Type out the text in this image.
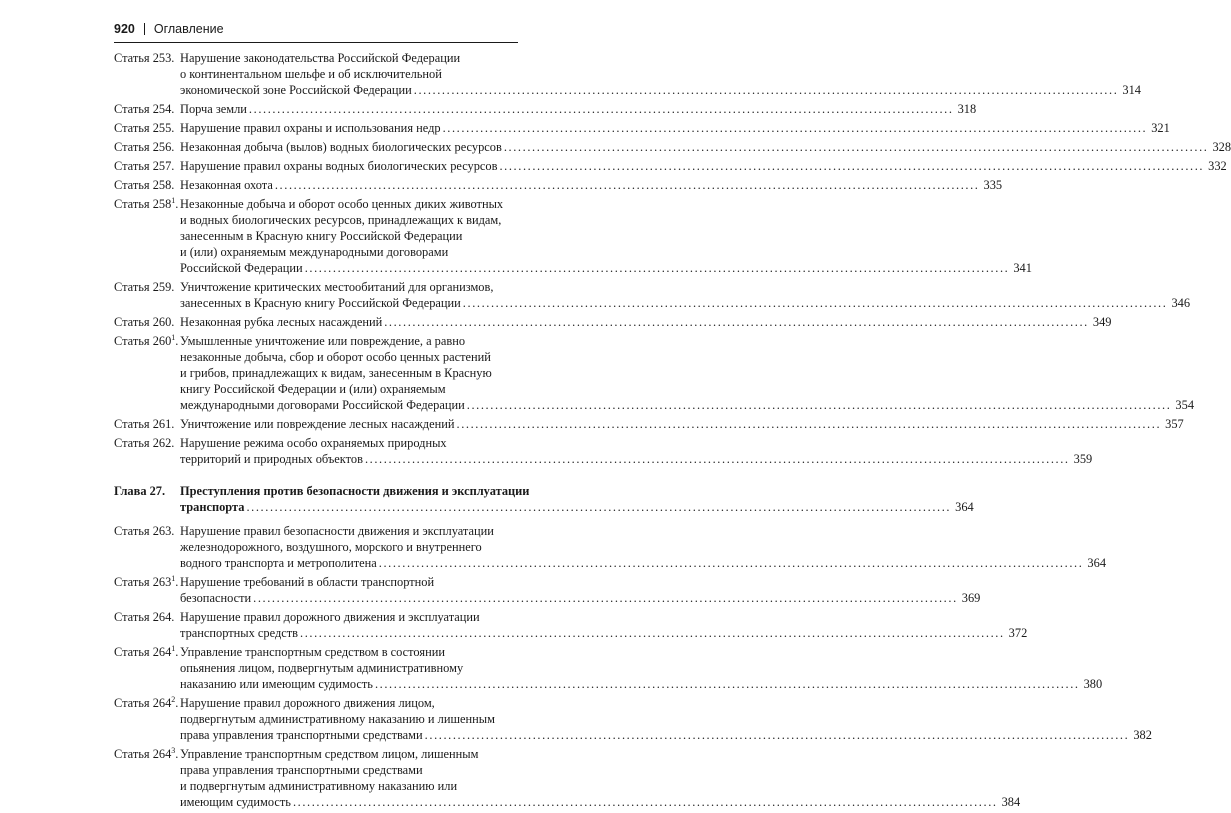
920 Оглавление
Статья 253. Нарушение законодательства Российской Федерации
о континентальном шельфе и об исключительной
экономической зоне Российской Федерации .....	314
Статья 254. Порча земли .....	318
Статья 255. Нарушение правил охраны и использования недр .....	321
Статья 256. Незаконная добыча (вылов) водных биологических ресурсов .....	328
Статья 257. Нарушение правил охраны водных биологических ресурсов .....	332
Статья 258. Незаконная охота .....	335
Статья $258^1$. Незаконные добыча и оборот особо ценных диких животных
и водных биологических ресурсов, принадлежащих к видам,
занесенным в Красную книгу Российской Федерации
и (или) охраняемым международными договорами
Российской Федерации .....	341
Статья 259. Уничтожение критических местообитаний для организмов,
занесенных в Красную книгу Российской Федерации .....	346
Статья 260. Незаконная рубка лесных насаждений .....	349
Статья $260^1$. Умышленные уничтожение или повреждение, а равно
незаконные добыча, сбор и оборот особо ценных растений
и грибов, принадлежащих к видам, занесенным в Красную
книгу Российской Федерации и (или) охраняемым
международными договорами Российской Федерации .....	354
Статья 261. Уничтожение или повреждение лесных насаждений .....	357
Статья 262. Нарушение режима особо охраняемых природных
территорий и природных объектов .....	359
Глава 27.	Преступления против безопасности движения и эксплуатации
транспорта .....	364
Статья 263. Нарушение правил безопасности движения и эксплуатации
железнодорожного, воздушного, морского и внутреннего
водного транспорта и метрополитена .....	364
Статья $263^1$. Нарушение требований в области транспортной
безопасности .....	369
Статья 264. Нарушение правил дорожного движения и эксплуатации
транспортных средств .....	372
Статья $264^1$. Управление транспортным средством в состоянии
опьянения лицом, подвергнутым административному
наказанию или имеющим судимость .....	380
Статья $264^2$. Нарушение правил дорожного движения лицом,
подвергнутым административному наказанию и лишенным
права управления транспортными средствами .....	382
Статья $264^3$. Управление транспортным средством лицом, лишенным
права управления транспортными средствами
и подвергнутым административному наказанию или
имеющим судимость .....	384
